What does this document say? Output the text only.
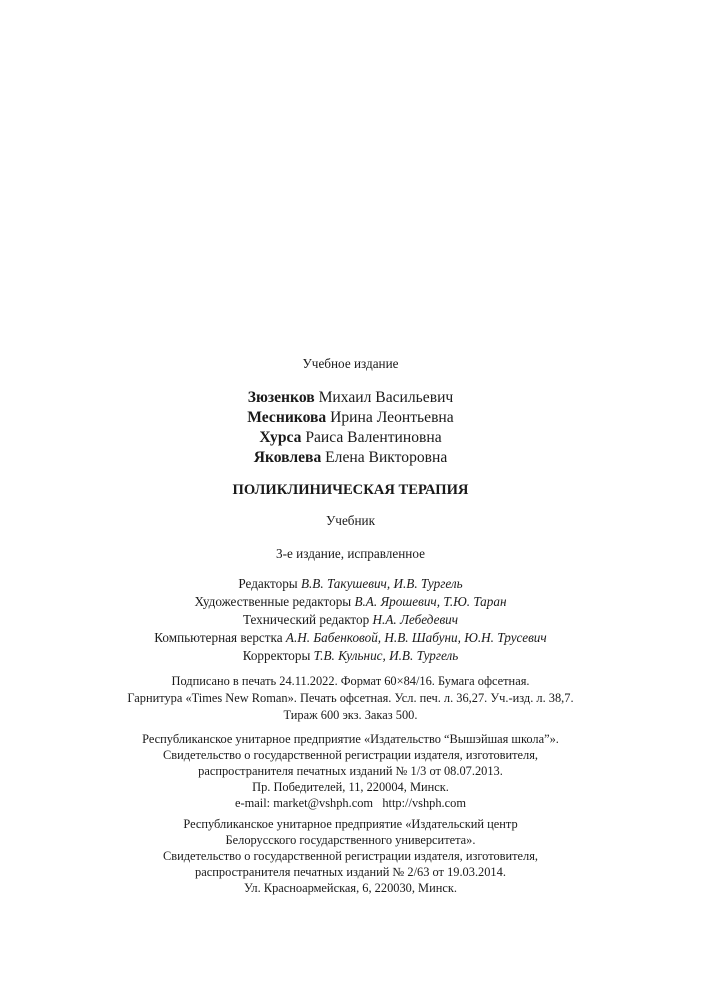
Учебное издание
Зюзенков Михаил Васильевич
Месникова Ирина Леонтьевна
Хурса Раиса Валентиновна
Яковлева Елена Викторовна
ПОЛИКЛИНИЧЕСКАЯ ТЕРАПИЯ
Учебник
3-е издание, исправленное
Редакторы В.В. Такушевич, И.В. Тургель
Художественные редакторы В.А. Ярошевич, Т.Ю. Таран
Технический редактор Н.А. Лебедевич
Компьютерная верстка А.Н. Бабенковой, Н.В. Шабуни, Ю.Н. Трусевич
Корректоры Т.В. Кульнис, И.В. Тургель
Подписано в печать 24.11.2022. Формат 60×84/16. Бумага офсетная.
Гарнитура «Times New Roman». Печать офсетная. Усл. печ. л. 36,27. Уч.-изд. л. 38,7.
Тираж 600 экз. Заказ 500.
Республиканское унитарное предприятие «Издательство “Вышэйшая школа”».
Свидетельство о государственной регистрации издателя, изготовителя,
распространителя печатных изданий № 1/3 от 08.07.2013.
Пр. Победителей, 11, 220004, Минск.
e-mail: market@vshph.com   http://vshph.com
Республиканское унитарное предприятие «Издательский центр
Белорусского государственного университета».
Свидетельство о государственной регистрации издателя, изготовителя,
распространителя печатных изданий № 2/63 от 19.03.2014.
Ул. Красноармейская, 6, 220030, Минск.
